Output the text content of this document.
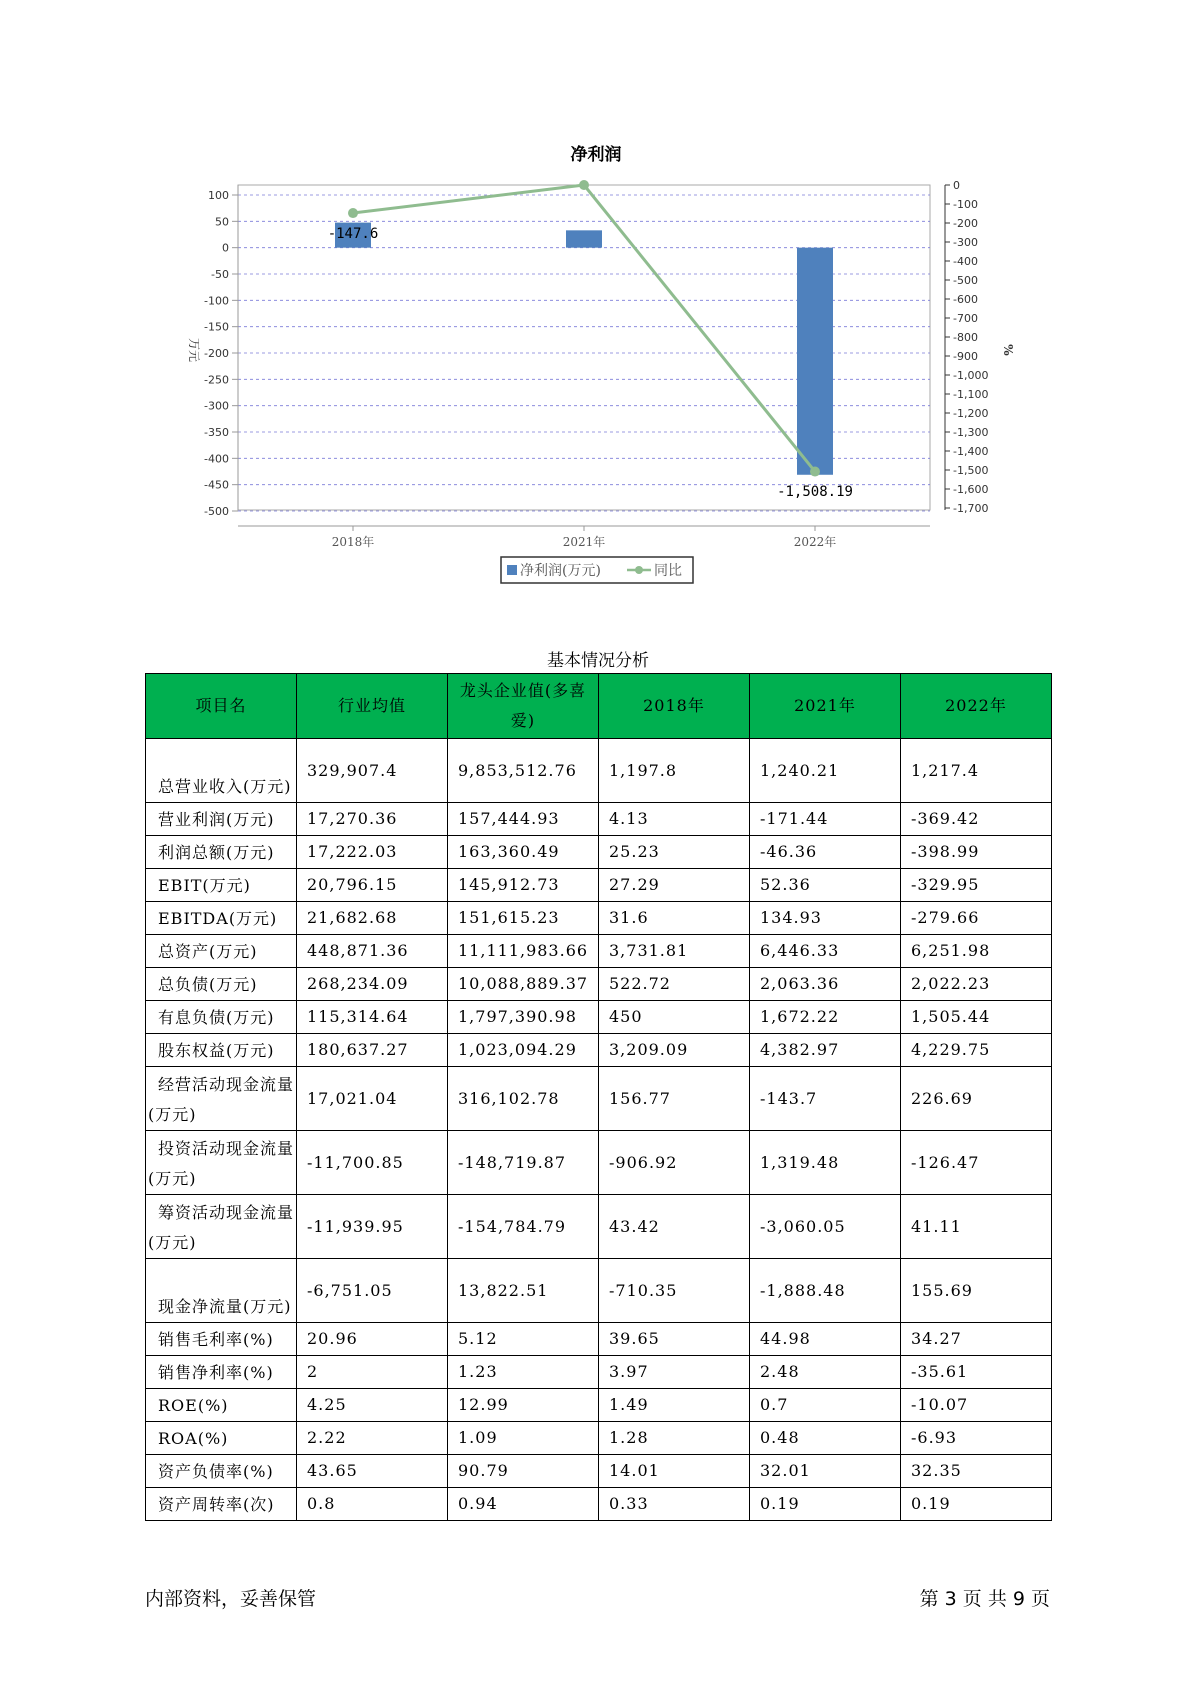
净利润
100
50
0
-50
-100
-150
-200
-250
-300
-350
-400
-450
-500
0
-100
-200
-300
-400
-500
-600
-700
-800
-900
-1,000
-1,100
-1,200
-1,300
-1,400
-1,500
-1,600
-1,700
万元	%
2018年	2021年	2022年
-147.6
-1,508.19
净利润(万元)	同比
基本情况分析
项目名	行业均值	龙头企业值(多喜爱)	2018年	2021年	2022年
总营业收入(万元)	329,907.4	9,853,512.76	1,197.8	1,240.21	1,217.4
营业利润(万元)	17,270.36	157,444.93	4.13	-171.44	-369.42
利润总额(万元)	17,222.03	163,360.49	25.23	-46.36	-398.99
EBIT(万元)	20,796.15	145,912.73	27.29	52.36	-329.95
EBITDA(万元)	21,682.68	151,615.23	31.6	134.93	-279.66
总资产(万元)	448,871.36	11,111,983.66	3,731.81	6,446.33	6,251.98
总负债(万元)	268,234.09	10,088,889.37	522.72	2,063.36	2,022.23
有息负债(万元)	115,314.64	1,797,390.98	450	1,672.22	1,505.44
股东权益(万元)	180,637.27	1,023,094.29	3,209.09	4,382.97	4,229.75
经营活动现金流量(万元)	17,021.04	316,102.78	156.77	-143.7	226.69
投资活动现金流量(万元)	-11,700.85	-148,719.87	-906.92	1,319.48	-126.47
筹资活动现金流量(万元)	-11,939.95	-154,784.79	43.42	-3,060.05	41.11
现金净流量(万元)	-6,751.05	13,822.51	-710.35	-1,888.48	155.69
销售毛利率(%)	20.96	5.12	39.65	44.98	34.27
销售净利率(%)	2	1.23	3.97	2.48	-35.61
ROE(%)	4.25	12.99	1.49	0.7	-10.07
ROA(%)	2.22	1.09	1.28	0.48	-6.93
资产负债率(%)	43.65	90.79	14.01	32.01	32.35
资产周转率(次)	0.8	0.94	0.33	0.19	0.19
内部资料，妥善保管	第 3 页 共 9 页
